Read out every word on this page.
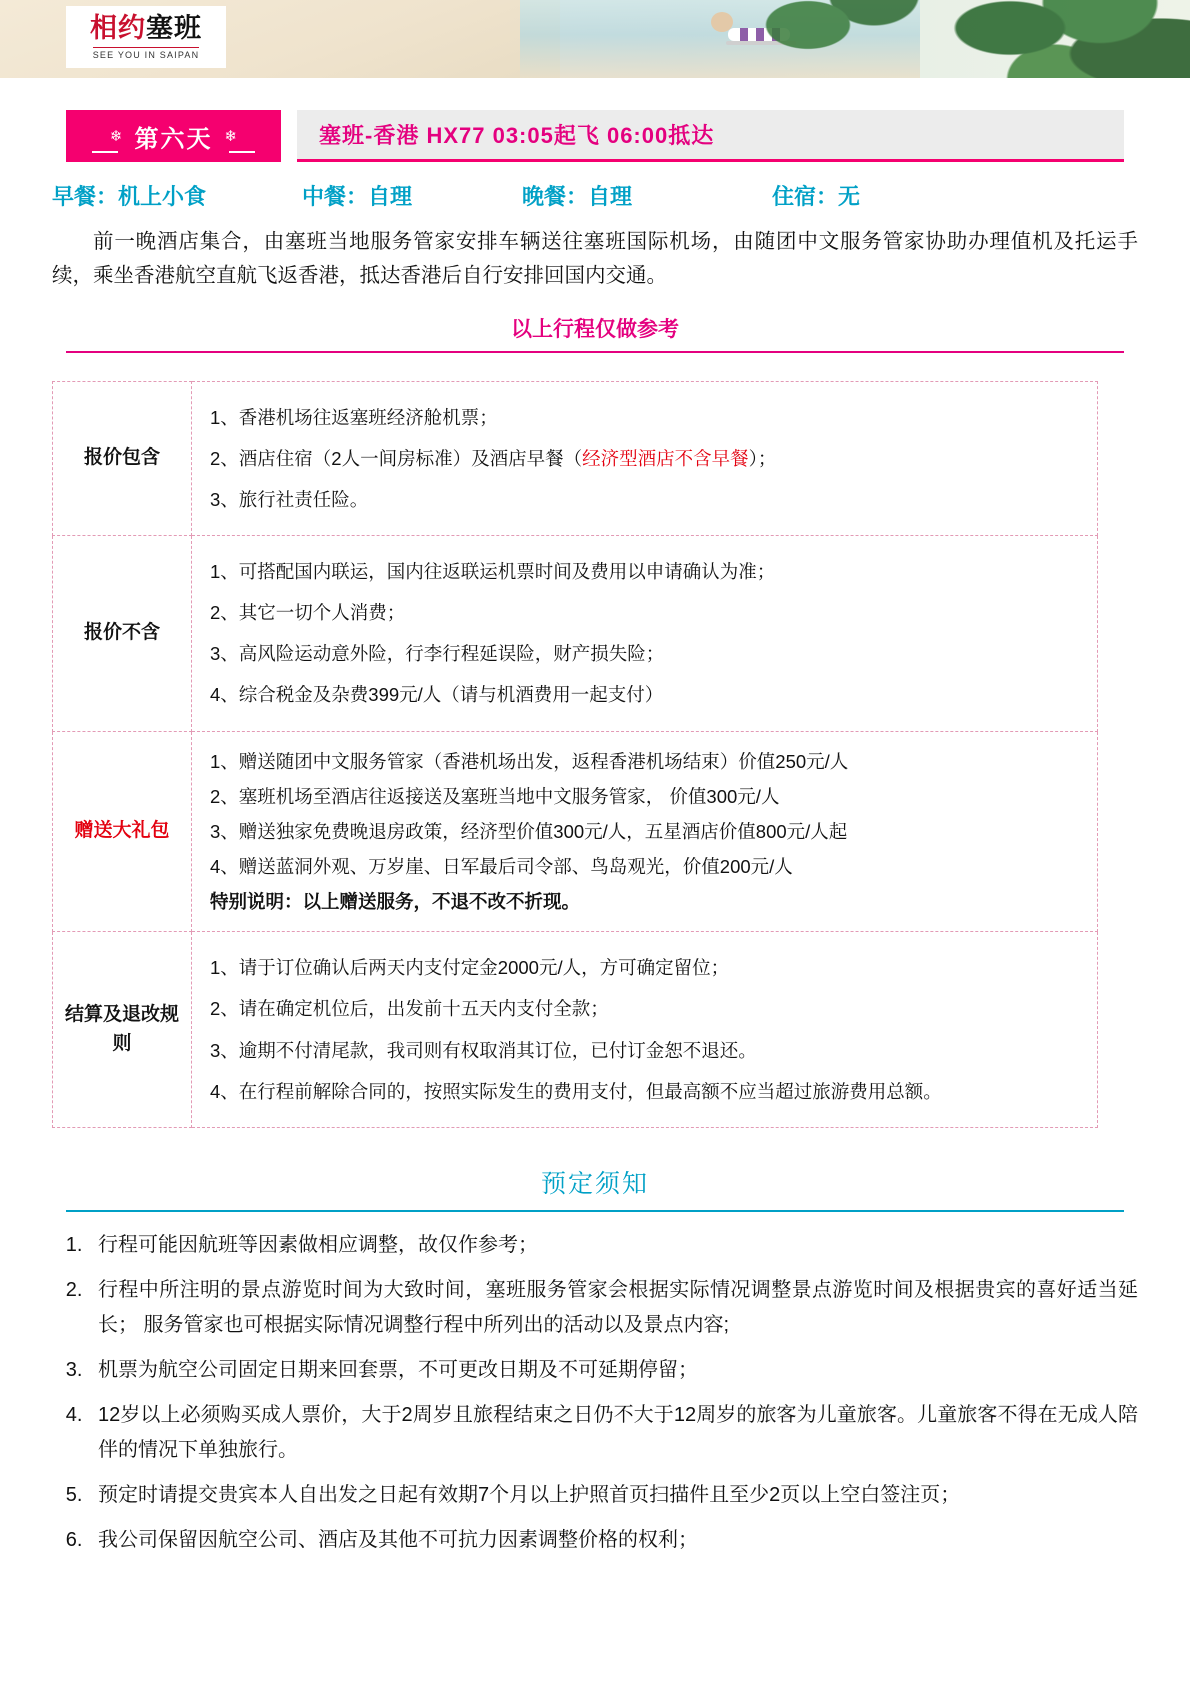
相约塞班
SEE YOU IN SAIPAN
❄ 第六天 ❄	塞班-香港 HX77 03:05起飞 06:00抵达
早餐：机上小食	中餐：自理	晚餐：自理	住宿：无
前一晚酒店集合，由塞班当地服务管家安排车辆送往塞班国际机场，由随团中文服务管家协助办理值机及托运手续，乘坐香港航空直航飞返香港，抵达香港后自行安排回国内交通。
以上行程仅做参考
报价包含	1、香港机场往返塞班经济舱机票；
2、酒店住宿（2人一间房标准）及酒店早餐（经济型酒店不含早餐）；
3、旅行社责任险。

报价不含	1、可搭配国内联运，国内往返联运机票时间及费用以申请确认为准；
2、其它一切个人消费；
3、高风险运动意外险，行李行程延误险，财产损失险；
4、综合税金及杂费399元/人（请与机酒费用一起支付）

赠送大礼包	1、赠送随团中文服务管家（香港机场出发，返程香港机场结束）价值250元/人
2、塞班机场至酒店往返接送及塞班当地中文服务管家， 价值300元/人
3、赠送独家免费晚退房政策，经济型价值300元/人，五星酒店价值800元/人起
4、赠送蓝洞外观、万岁崖、日军最后司令部、鸟岛观光，价值200元/人
特别说明：以上赠送服务，不退不改不折现。

结算及退改规则	1、请于订位确认后两天内支付定金2000元/人，方可确定留位；
2、请在确定机位后，出发前十五天内支付全款；
3、逾期不付清尾款，我司则有权取消其订位，已付订金恕不退还。
4、在行程前解除合同的，按照实际发生的费用支付，但最高额不应当超过旅游费用总额。
预定须知
1. 行程可能因航班等因素做相应调整，故仅作参考；
2. 行程中所注明的景点游览时间为大致时间，塞班服务管家会根据实际情况调整景点游览时间及根据贵宾的喜好适当延长； 服务管家也可根据实际情况调整行程中所列出的活动以及景点内容;
3. 机票为航空公司固定日期来回套票，不可更改日期及不可延期停留；
4. 12岁以上必须购买成人票价，大于2周岁且旅程结束之日仍不大于12周岁的旅客为儿童旅客。儿童旅客不得在无成人陪伴的情况下单独旅行。
5. 预定时请提交贵宾本人自出发之日起有效期7个月以上护照首页扫描件且至少2页以上空白签注页；
6. 我公司保留因航空公司、酒店及其他不可抗力因素调整价格的权利；
